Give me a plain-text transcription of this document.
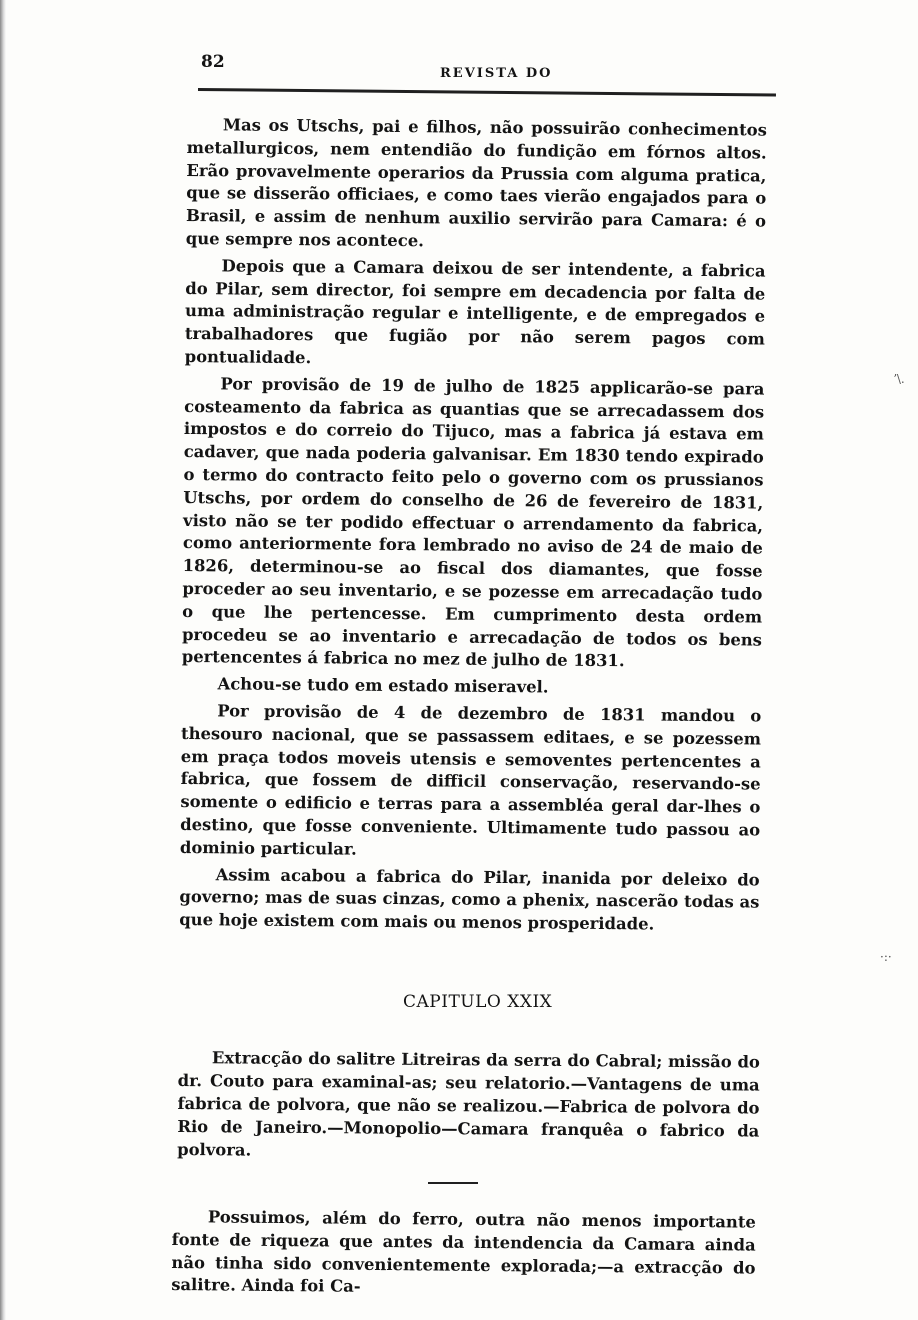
82
REVISTA DO

Mas os Utschs, pai e filhos, não possuirão conhecimentos metallurgicos, nem entendião do fundição em fórnos altos. Erão provavelmente operarios da Prussia com alguma pratica, que se disserão officiaes, e como taes vierão engajados para o Brasil, e assim de nenhum auxilio servirão para Camara: é o que sempre nos acontece.

Depois que a Camara deixou de ser intendente, a fabrica do Pilar, sem director, foi sempre em decadencia por falta de uma administração regular e intelligente, e de empregados e trabalhadores que fugião por não serem pagos com pontualidade.

Por provisão de 19 de julho de 1825 applicarão-se para costeamento da fabrica as quantias que se arrecadassem dos impostos e do correio do Tijuco, mas a fabrica já estava em cadaver, que nada poderia galvanisar. Em 1830 tendo expirado o termo do contracto feito pelo o governo com os prussianos Utschs, por ordem do conselho de 26 de fevereiro de 1831, visto não se ter podido effectuar o arrendamento da fabrica, como anteriormente fora lembrado no aviso de 24 de maio de 1826, determinou-se ao fiscal dos diamantes, que fosse proceder ao seu inventario, e se pozesse em arrecadação tudo o que lhe pertencesse. Em cumprimento desta ordem procedeu se ao inventario e arrecadação de todos os bens pertencentes á fabrica no mez de julho de 1831.

Achou-se tudo em estado miseravel.

Por provisão de 4 de dezembro de 1831 mandou o thesouro nacional, que se passassem editaes, e se pozessem em praça todos moveis utensis e semoventes pertencentes a fabrica, que fossem de difficil conservação, reservando-se somente o edificio e terras para a assembléa geral dar-lhes o destino, que fosse conveniente. Ultimamente tudo passou ao dominio particular.

Assim acabou a fabrica do Pilar, inanida por deleixo do governo; mas de suas cinzas, como a phenix, nascerão todas as que hoje existem com mais ou menos prosperidade.

ʼ\.
·:·
CAPITULO XXIX
Extracção do salitre Litreiras da serra do Cabral; missão do dr. Couto para examinal-as; seu relatorio.—Vantagens de uma fabrica de polvora, que não se realizou.—Fabrica de polvora do Rio de Janeiro.—Monopolio—Camara franquêa o fabrico da polvora.

Possuimos, além do ferro, outra não menos importante fonte de riqueza que antes da intendencia da Camara ainda não tinha sido convenientemente explorada;—a extracção do salitre. Ainda foi Ca-
